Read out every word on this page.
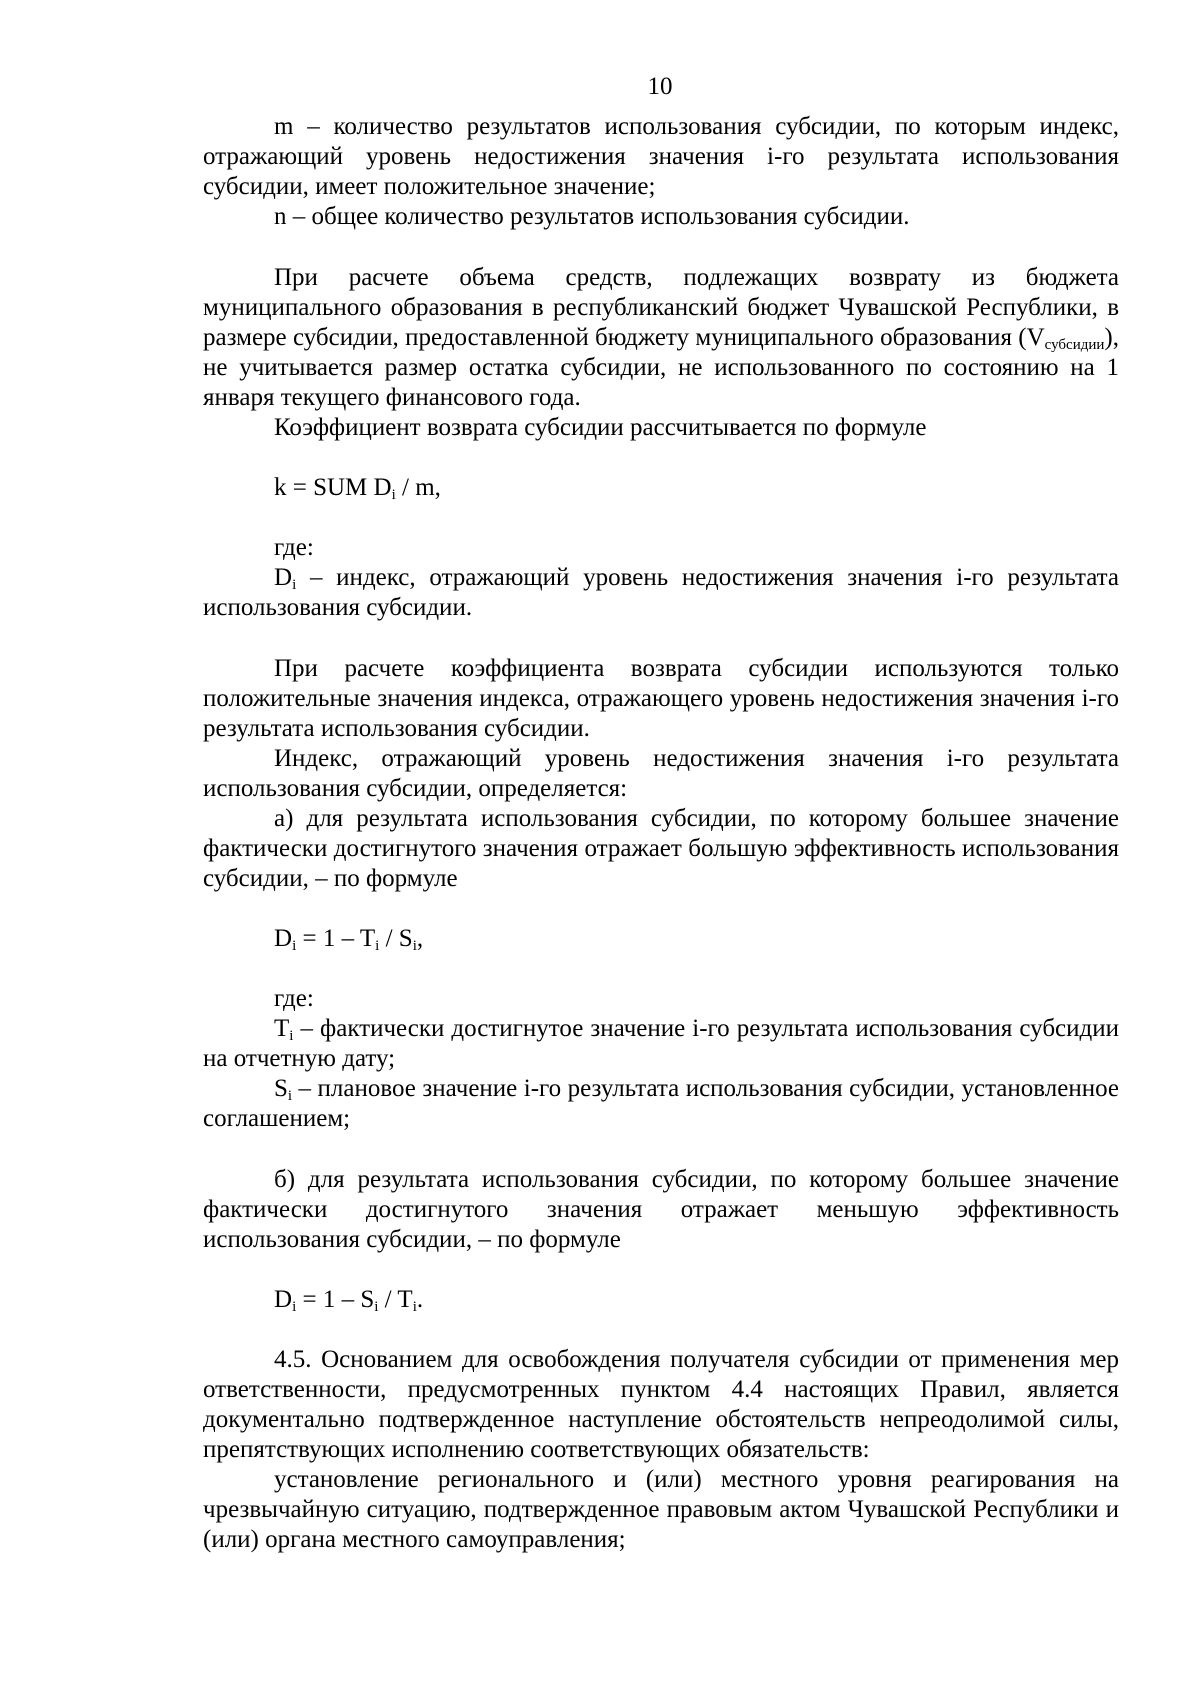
10

m – количество результатов использования субсидии, по которым индекс, отражающий уровень недостижения значения i-го результата использования субсидии, имеет положительное значение;

n – общее количество результатов использования субсидии.

При расчете объема средств, подлежащих возврату из бюджета муниципального образования в республиканский бюджет Чувашской Республики, в размере субсидии, предоставленной бюджету муниципального образования $(V_{субсидии})$, не учитывается размер остатка субсидии, не использованного по состоянию на 1 января текущего финансового года.

Коэффициент возврата субсидии рассчитывается по формуле

k = SUM $D_i$ / m,

где:

$D_i$ – индекс, отражающий уровень недостижения значения i-го результата использования субсидии.

При расчете коэффициента возврата субсидии используются только положительные значения индекса, отражающего уровень недостижения значения i-го результата использования субсидии.

Индекс, отражающий уровень недостижения значения i-го результата использования субсидии, определяется:

а) для результата использования субсидии, по которому большее значение фактически достигнутого значения отражает большую эффективность использования субсидии, – по формуле

$D_i = 1 - T_i / S_i$,

где:

$T_i$ – фактически достигнутое значение i-го результата использования субсидии на отчетную дату;

$S_i$ – плановое значение i-го результата использования субсидии, установленное соглашением;

б) для результата использования субсидии, по которому большее значение фактически достигнутого значения отражает меньшую эффективность использования субсидии, – по формуле

$D_i = 1 - S_i / T_i$.

4.5. Основанием для освобождения получателя субсидии от применения мер ответственности, предусмотренных пунктом 4.4 настоящих Правил, является документально подтвержденное наступление обстоятельств непреодолимой силы, препятствующих исполнению соответствующих обязательств:

установление регионального и (или) местного уровня реагирования на чрезвычайную ситуацию, подтвержденное правовым актом Чувашской Республики и (или) органа местного самоуправления;
